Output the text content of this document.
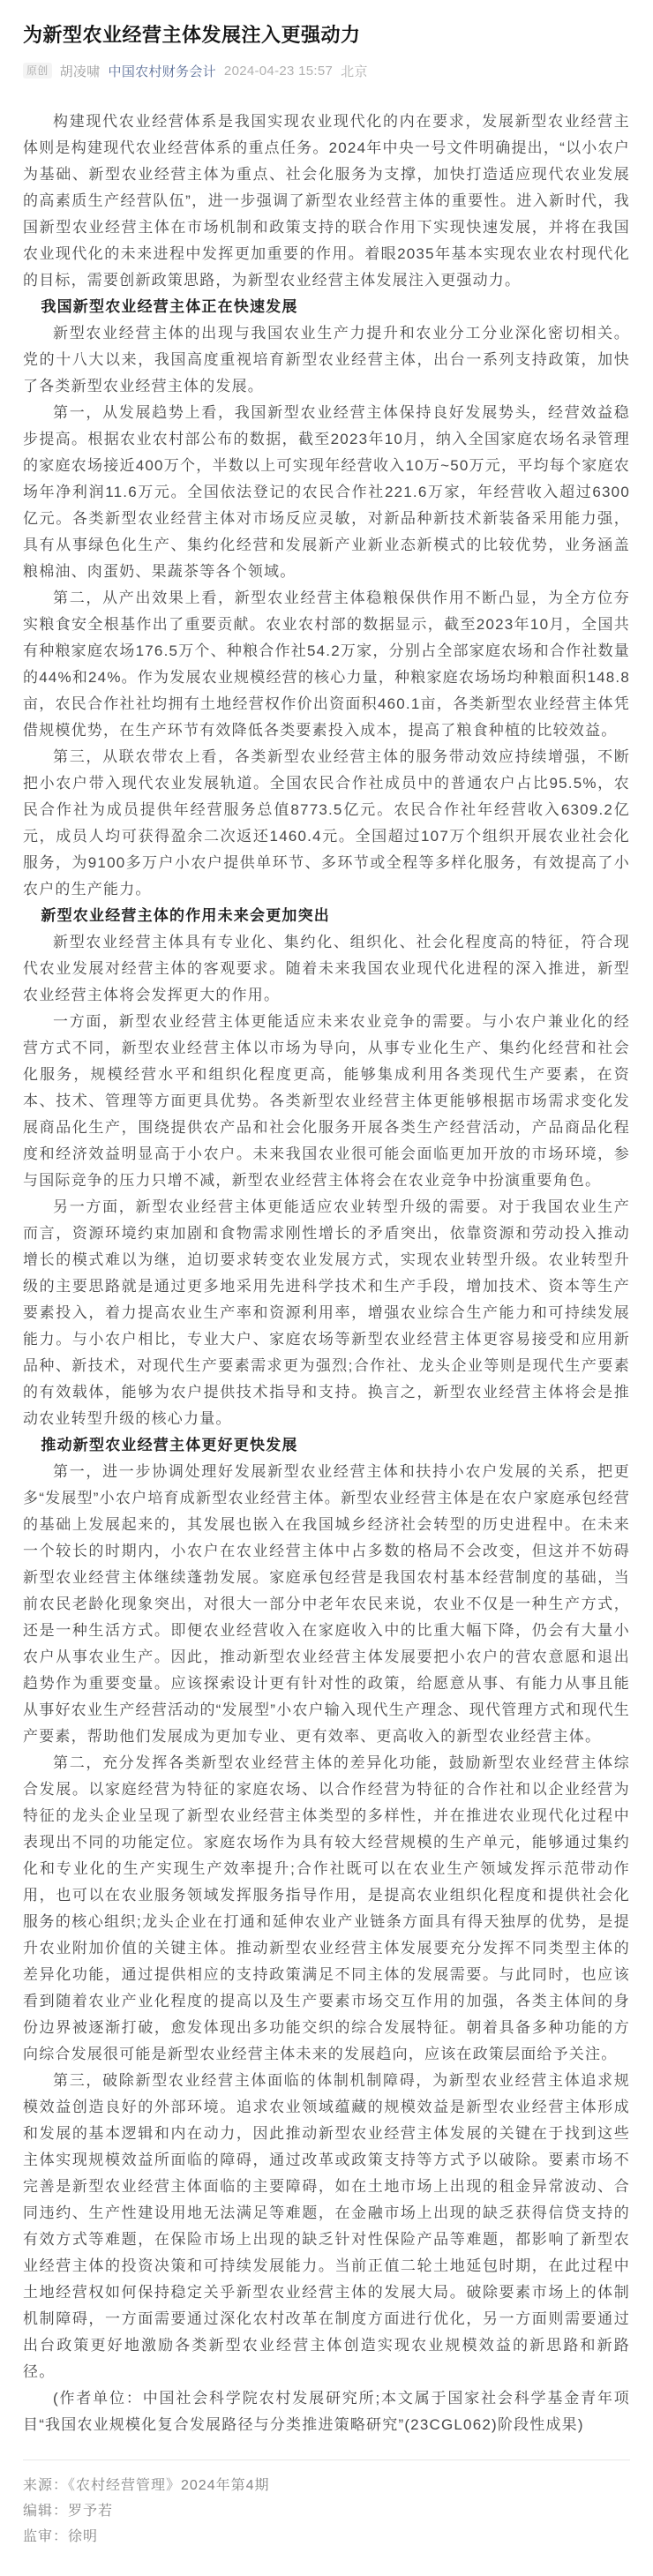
为新型农业经营主体发展注入更强动力
原创 胡凌啸 中国农村财务会计 2024-04-23 15:57 北京

构建现代农业经营体系是我国实现农业现代化的内在要求，发展新型农业经营主体则是构建现代农业经营体系的重点任务。2024年中央一号文件明确提出，“以小农户为基础、新型农业经营主体为重点、社会化服务为支撑，加快打造适应现代农业发展的高素质生产经营队伍”，进一步强调了新型农业经营主体的重要性。进入新时代，我国新型农业经营主体在市场机制和政策支持的联合作用下实现快速发展，并将在我国农业现代化的未来进程中发挥更加重要的作用。着眼2035年基本实现农业农村现代化的目标，需要创新政策思路，为新型农业经营主体发展注入更强动力。

我国新型农业经营主体正在快速发展

新型农业经营主体的出现与我国农业生产力提升和农业分工分业深化密切相关。党的十八大以来，我国高度重视培育新型农业经营主体，出台一系列支持政策，加快了各类新型农业经营主体的发展。

第一，从发展趋势上看，我国新型农业经营主体保持良好发展势头，经营效益稳步提高。根据农业农村部公布的数据，截至2023年10月，纳入全国家庭农场名录管理的家庭农场接近400万个，半数以上可实现年经营收入10万~50万元，平均每个家庭农场年净利润11.6万元。全国依法登记的农民合作社221.6万家，年经营收入超过6300亿元。各类新型农业经营主体对市场反应灵敏，对新品种新技术新装备采用能力强，具有从事绿色化生产、集约化经营和发展新产业新业态新模式的比较优势，业务涵盖粮棉油、肉蛋奶、果蔬茶等各个领域。

第二，从产出效果上看，新型农业经营主体稳粮保供作用不断凸显，为全方位夯实粮食安全根基作出了重要贡献。农业农村部的数据显示，截至2023年10月，全国共有种粮家庭农场176.5万个、种粮合作社54.2万家，分别占全部家庭农场和合作社数量的44%和24%。作为发展农业规模经营的核心力量，种粮家庭农场场均种粮面积148.8亩，农民合作社社均拥有土地经营权作价出资面积460.1亩，各类新型农业经营主体凭借规模优势，在生产环节有效降低各类要素投入成本，提高了粮食种植的比较效益。

第三，从联农带农上看，各类新型农业经营主体的服务带动效应持续增强，不断把小农户带入现代农业发展轨道。全国农民合作社成员中的普通农户占比95.5%，农民合作社为成员提供年经营服务总值8773.5亿元。农民合作社年经营收入6309.2亿元，成员人均可获得盈余二次返还1460.4元。全国超过107万个组织开展农业社会化服务，为9100多万户小农户提供单环节、多环节或全程等多样化服务，有效提高了小农户的生产能力。

新型农业经营主体的作用未来会更加突出

新型农业经营主体具有专业化、集约化、组织化、社会化程度高的特征，符合现代农业发展对经营主体的客观要求。随着未来我国农业现代化进程的深入推进，新型农业经营主体将会发挥更大的作用。

一方面，新型农业经营主体更能适应未来农业竞争的需要。与小农户兼业化的经营方式不同，新型农业经营主体以市场为导向，从事专业化生产、集约化经营和社会化服务，规模经营水平和组织化程度更高，能够集成利用各类现代生产要素，在资本、技术、管理等方面更具优势。各类新型农业经营主体更能够根据市场需求变化发展商品化生产，围绕提供农产品和社会化服务开展各类生产经营活动，产品商品化程度和经济效益明显高于小农户。未来我国农业很可能会面临更加开放的市场环境，参与国际竞争的压力只增不减，新型农业经营主体将会在农业竞争中扮演重要角色。

另一方面，新型农业经营主体更能适应农业转型升级的需要。对于我国农业生产而言，资源环境约束加剧和食物需求刚性增长的矛盾突出，依靠资源和劳动投入推动增长的模式难以为继，迫切要求转变农业发展方式，实现农业转型升级。农业转型升级的主要思路就是通过更多地采用先进科学技术和生产手段，增加技术、资本等生产要素投入，着力提高农业生产率和资源利用率，增强农业综合生产能力和可持续发展能力。与小农户相比，专业大户、家庭农场等新型农业经营主体更容易接受和应用新品种、新技术，对现代生产要素需求更为强烈;合作社、龙头企业等则是现代生产要素的有效载体，能够为农户提供技术指导和支持。换言之，新型农业经营主体将会是推动农业转型升级的核心力量。

推动新型农业经营主体更好更快发展

第一，进一步协调处理好发展新型农业经营主体和扶持小农户发展的关系，把更多“发展型”小农户培育成新型农业经营主体。新型农业经营主体是在农户家庭承包经营的基础上发展起来的，其发展也嵌入在我国城乡经济社会转型的历史进程中。在未来一个较长的时期内，小农户在农业经营主体中占多数的格局不会改变，但这并不妨碍新型农业经营主体继续蓬勃发展。家庭承包经营是我国农村基本经营制度的基础，当前农民老龄化现象突出，对很大一部分中老年农民来说，农业不仅是一种生产方式，还是一种生活方式。即便农业经营收入在家庭收入中的比重大幅下降，仍会有大量小农户从事农业生产。因此，推动新型农业经营主体发展要把小农户的营农意愿和退出趋势作为重要变量。应该探索设计更有针对性的政策，给愿意从事、有能力从事且能从事好农业生产经营活动的“发展型”小农户输入现代生产理念、现代管理方式和现代生产要素，帮助他们发展成为更加专业、更有效率、更高收入的新型农业经营主体。

第二，充分发挥各类新型农业经营主体的差异化功能，鼓励新型农业经营主体综合发展。以家庭经营为特征的家庭农场、以合作经营为特征的合作社和以企业经营为特征的龙头企业呈现了新型农业经营主体类型的多样性，并在推进农业现代化过程中表现出不同的功能定位。家庭农场作为具有较大经营规模的生产单元，能够通过集约化和专业化的生产实现生产效率提升;合作社既可以在农业生产领域发挥示范带动作用，也可以在农业服务领域发挥服务指导作用，是提高农业组织化程度和提供社会化服务的核心组织;龙头企业在打通和延伸农业产业链条方面具有得天独厚的优势，是提升农业附加价值的关键主体。推动新型农业经营主体发展要充分发挥不同类型主体的差异化功能，通过提供相应的支持政策满足不同主体的发展需要。与此同时，也应该看到随着农业产业化程度的提高以及生产要素市场交互作用的加强，各类主体间的身份边界被逐渐打破，愈发体现出多功能交织的综合发展特征。朝着具备多种功能的方向综合发展很可能是新型农业经营主体未来的发展趋向，应该在政策层面给予关注。

第三，破除新型农业经营主体面临的体制机制障碍，为新型农业经营主体追求规模效益创造良好的外部环境。追求农业领域蕴藏的规模效益是新型农业经营主体形成和发展的基本逻辑和内在动力，因此推动新型农业经营主体发展的关键在于找到这些主体实现规模效益所面临的障碍，通过改革或政策支持等方式予以破除。要素市场不完善是新型农业经营主体面临的主要障碍，如在土地市场上出现的租金异常波动、合同违约、生产性建设用地无法满足等难题，在金融市场上出现的缺乏获得信贷支持的有效方式等难题，在保险市场上出现的缺乏针对性保险产品等难题，都影响了新型农业经营主体的投资决策和可持续发展能力。当前正值二轮土地延包时期，在此过程中土地经营权如何保持稳定关乎新型农业经营主体的发展大局。破除要素市场上的体制机制障碍，一方面需要通过深化农村改革在制度方面进行优化，另一方面则需要通过出台政策更好地激励各类新型农业经营主体创造实现农业规模效益的新思路和新路径。

(作者单位：中国社会科学院农村发展研究所;本文属于国家社会科学基金青年项目“我国农业规模化复合发展路径与分类推进策略研究”(23CGL062)阶段性成果)

来源：《农村经营管理》2024年第4期

编辑：罗予若

监审：徐明
